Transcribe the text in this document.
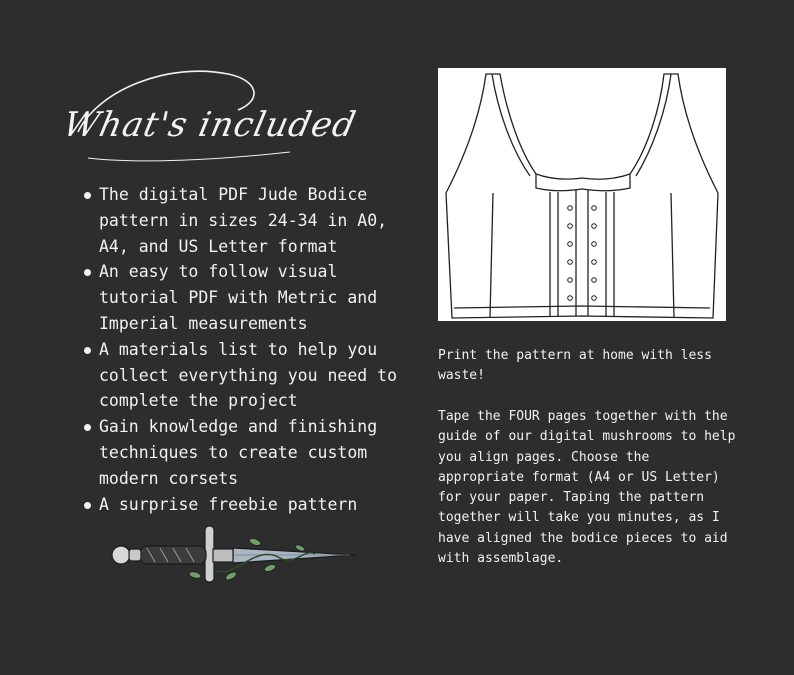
What's included
The digital PDF Jude Bodice pattern in sizes 24-34 in A0, A4, and US Letter format
An easy to follow visual tutorial PDF with Metric and Imperial measurements
A materials list to help you collect everything you need to complete the project
Gain knowledge and finishing techniques to create custom modern corsets
A surprise freebie pattern

Print the pattern at home with less waste!

Tape the FOUR pages together with the guide of our digital mushrooms to help you align pages. Choose the appropriate format (A4 or US Letter) for your paper. Taping the pattern together will take you minutes, as I have aligned the bodice pieces to aid with assemblage.
